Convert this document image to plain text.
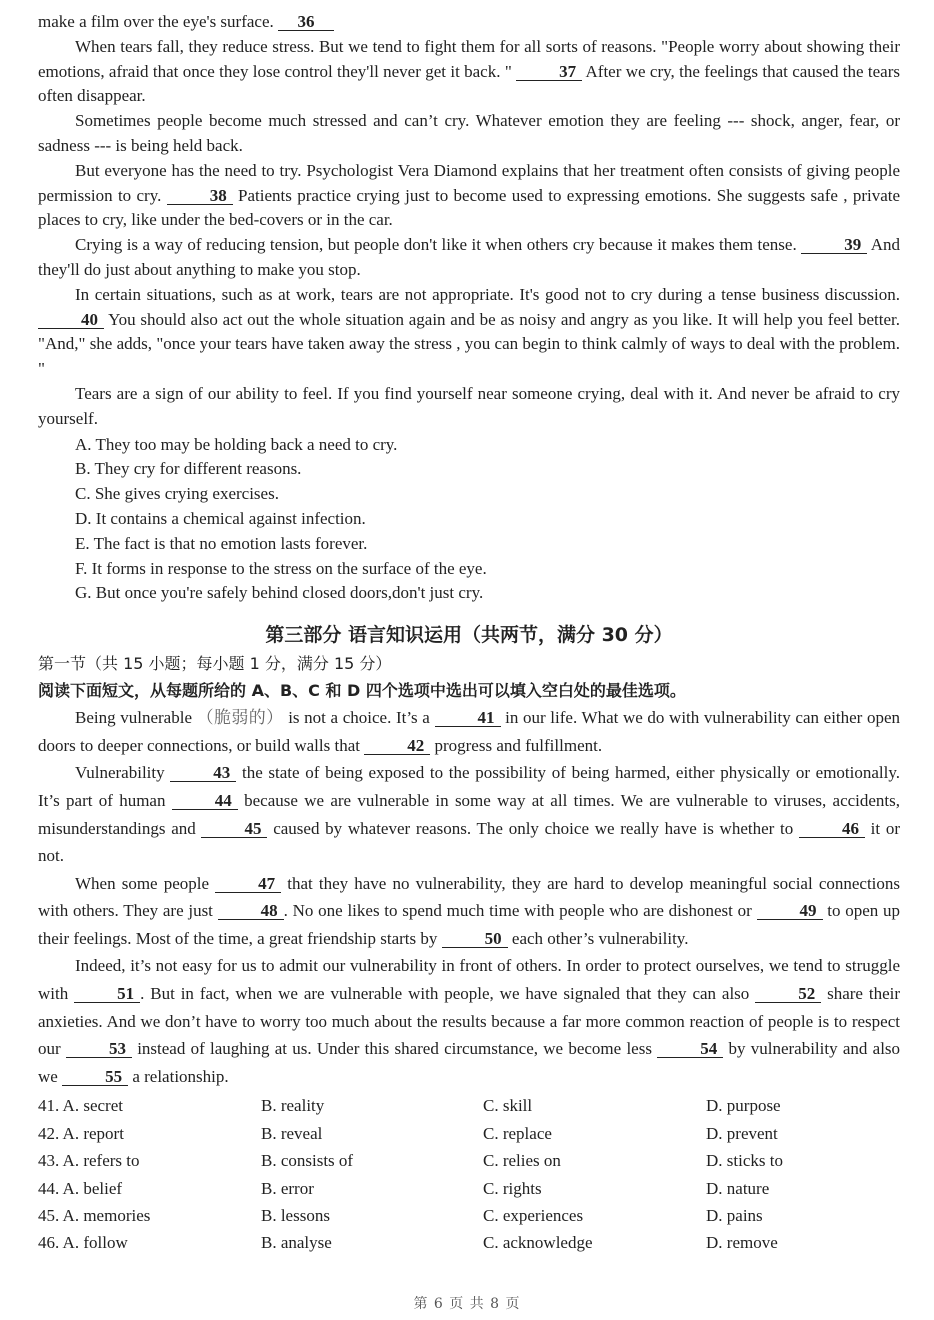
make a film over the eye's surface. 36

When tears fall, they reduce stress. But we tend to fight them for all sorts of reasons. "People worry about showing their emotions, afraid that once they lose control they'll never get it back. "	37 After we cry, the feelings that caused the tears often disappear.

Sometimes people become much stressed and can’t cry. Whatever emotion they are feeling --- shock, anger, fear, or sadness --- is being held back.

But everyone has the need to try. Psychologist Vera Diamond explains that her treatment often consists of giving people permission to cry.	38 Patients practice crying just to become used to expressing emotions. She suggests safe , private places to cry, like under the bed-covers or in the car.

Crying is a way of reducing tension, but people don't like it when others cry because it makes them tense.	39 And they'll do just about anything to make you stop.

In certain situations, such as at work, tears are not appropriate. It's good not to cry during a tense business discussion. 40 You should also act out the whole situation again and be as noisy and angry as you like. It will help you feel better. "And," she adds, "once your tears have taken away the stress , you can begin to think calmly of ways to deal with the problem. "

Tears are a sign of our ability to feel. If you find yourself near someone crying, deal with it. And never be afraid to cry yourself.

A. They too may be holding back a need to cry.
B. They cry for different reasons.
C. She gives crying exercises.
D. It contains a chemical against infection.
E. The fact is that no emotion lasts forever.
F. It forms in response to the stress on the surface of the eye.
G. But once you're safely behind closed doors,don't just cry.
第三部分 语言知识运用（共两节，满分 30 分）
第一节（共 15 小题；每小题 1 分，满分 15 分）
阅读下面短文，从每题所给的 A、B、C 和 D 四个选项中选出可以填入空白处的最佳选项。

Being vulnerable （脆弱的） is not a choice. It’s a	41 in our life. What we do with vulnerability can either open doors to deeper connections, or build walls that	42 progress and fulfillment.

Vulnerability	43 the state of being exposed to the possibility of being harmed, either physically or emotionally. It’s part of human	44 because we are vulnerable in some way at all times. We are vulnerable to viruses, accidents, misunderstandings and	45 caused by whatever reasons. The only choice we really have is whether to	46 it or not.

When some people	47 that they have no vulnerability, they are hard to develop meaningful social connections with others. They are just	48 . No one likes to spend much time with people who are dishonest or	49 to open up their feelings. Most of the time, a great friendship starts by	50 each other’s vulnerability.

Indeed, it’s not easy for us to admit our vulnerability in front of others. In order to protect ourselves, we tend to struggle with	51 . But in fact, when we are vulnerable with people, we have signaled that they can also	52 share their anxieties. And we don’t have to worry too much about the results because a far more common reaction of people is to respect our	53 instead of laughing at us. Under this shared circumstance, we become less	54 by vulnerability and also we	55 a relationship.

41. A. secret	B. reality	C. skill	D. purpose
42. A. report	B. reveal	C. replace	D. prevent
43. A. refers to	B. consists of	C. relies on	D. sticks to
44. A. belief	B. error	C. rights	D. nature
45. A. memories	B. lessons	C. experiences	D. pains
46. A. follow	B. analyse	C. acknowledge	D. remove
第 6 页 共 8 页
